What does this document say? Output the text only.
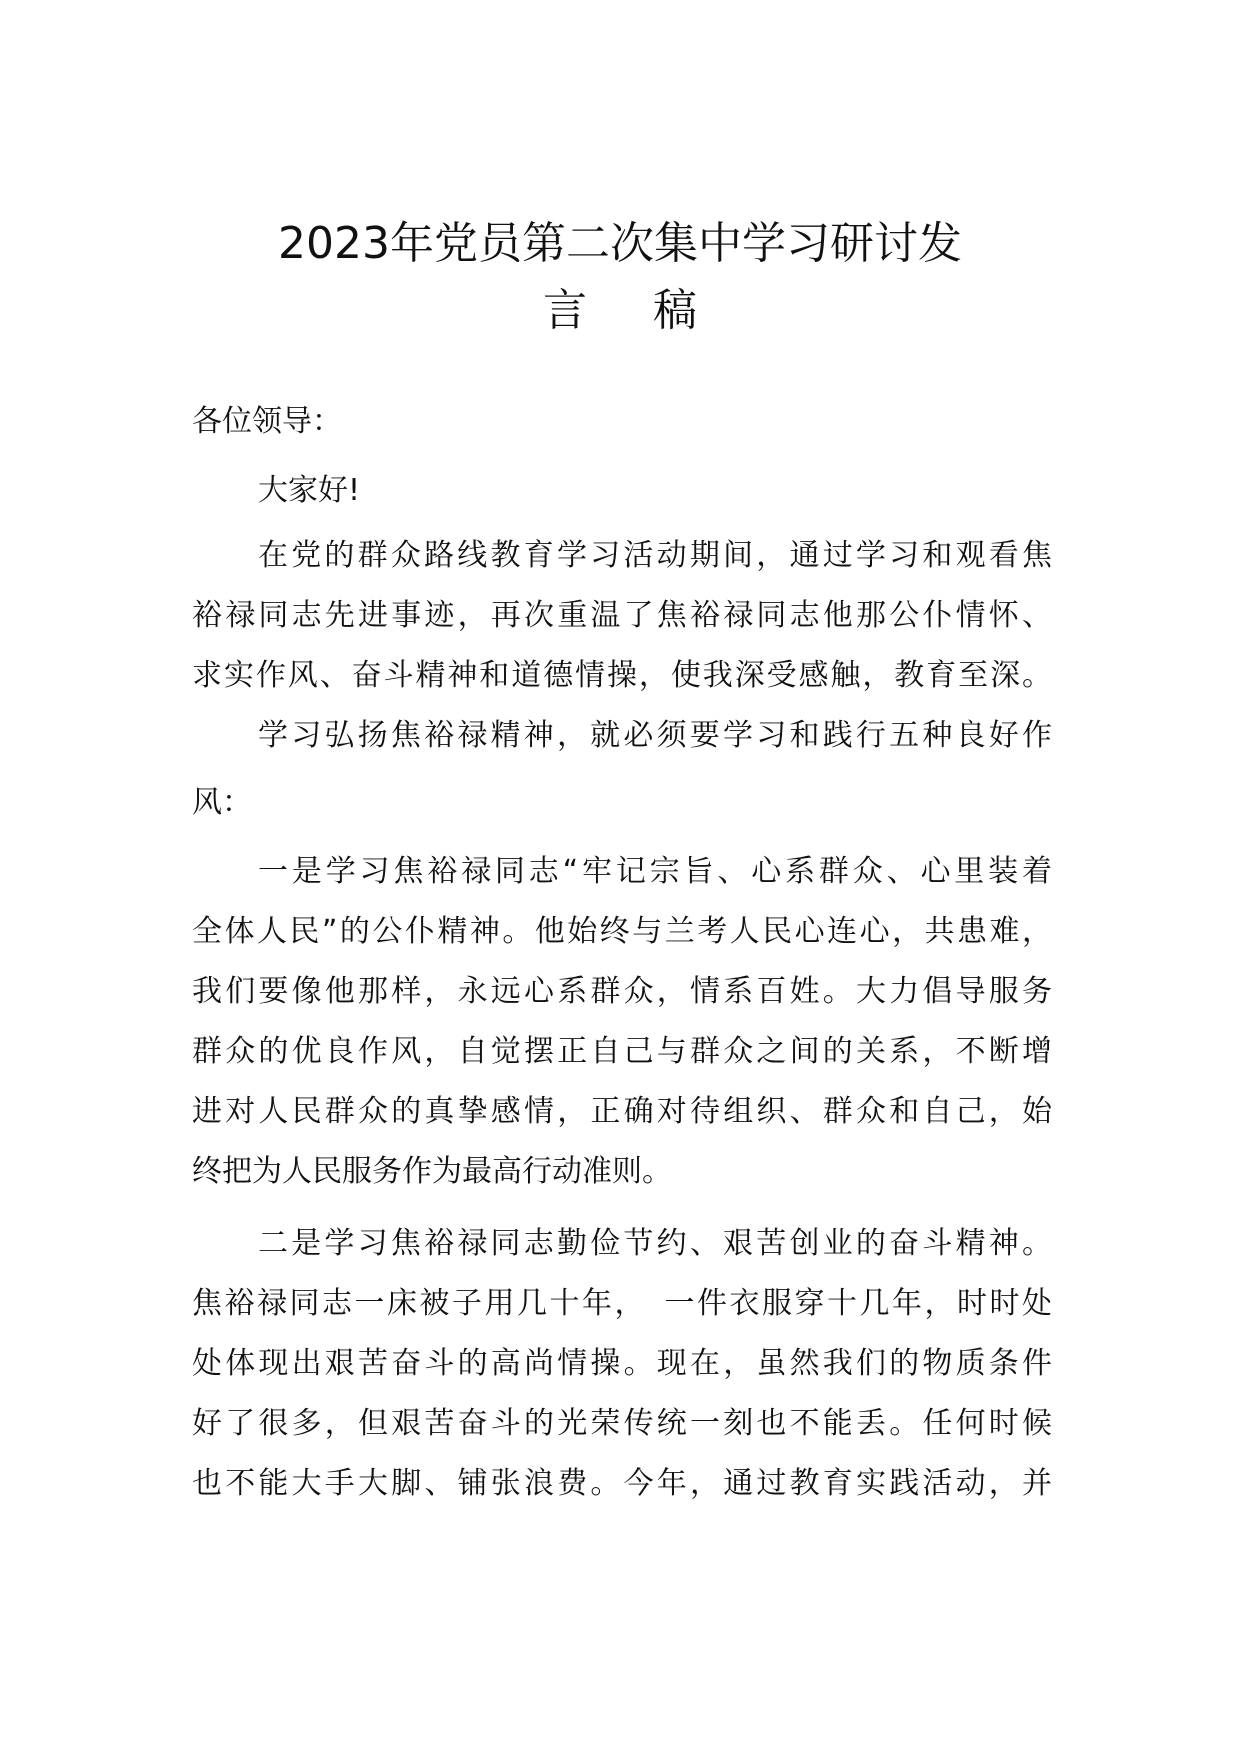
2023年党员第二次集中学习研讨发
言 稿
各位领导：
大家好!
在党的群众路线教育学习活动期间，通过学习和观看焦
裕禄同志先进事迹，再次重温了焦裕禄同志他那公仆情怀、
求实作风、奋斗精神和道德情操，使我深受感触，教育至深。
学习弘扬焦裕禄精神，就必须要学习和践行五种良好作
风：
一是学习焦裕禄同志“牢记宗旨、心系群众、心里装着
全体人民”的公仆精神。他始终与兰考人民心连心，共患难，
我们要像他那样，永远心系群众，情系百姓。大力倡导服务
群众的优良作风，自觉摆正自己与群众之间的关系，不断增
进对人民群众的真挚感情，正确对待组织、群众和自己，始
终把为人民服务作为最高行动准则。
二是学习焦裕禄同志勤俭节约、艰苦创业的奋斗精神。
焦裕禄同志一床被子用几十年，　一件衣服穿十几年，时时处
处体现出艰苦奋斗的高尚情操。现在，虽然我们的物质条件
好了很多，但艰苦奋斗的光荣传统一刻也不能丢。任何时候
也不能大手大脚、铺张浪费。今年，通过教育实践活动，并
